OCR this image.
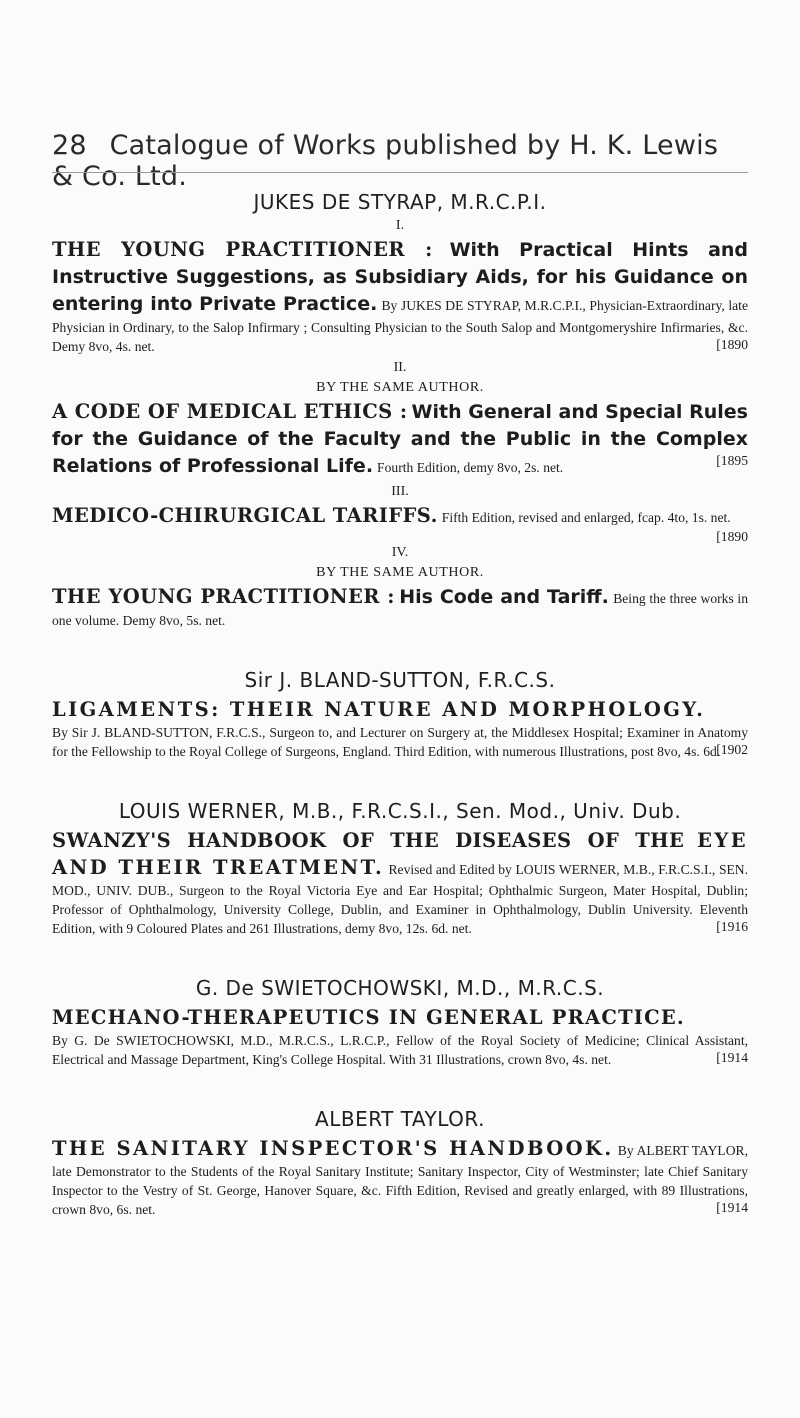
28 Catalogue of Works published by H. K. Lewis & Co. Ltd.
JUKES DE STYRAP, M.R.C.P.I.
I.

THE YOUNG PRACTITIONER : With Practical Hints and Instructive Suggestions, as Subsidiary Aids, for his Guidance on entering into Private Practice. By JUKES DE STYRAP, M.R.C.P.I., Physician-Extraordinary, late Physician in Ordinary, to the Salop Infirmary ; Consulting Physician to the South Salop and Montgomeryshire Infirmaries, &c. Demy 8vo, 4s. net.	[1890

II.
BY THE SAME AUTHOR.

A CODE OF MEDICAL ETHICS : With General and Special Rules for the Guidance of the Faculty and the Public in the Complex Relations of Professional Life. Fourth Edition, demy 8vo, 2s. net.	[1895

III.

MEDICO-CHIRURGICAL TARIFFS. Fifth Edition, revised and enlarged, fcap. 4to, 1s. net.
[1890

IV.
BY THE SAME AUTHOR.

THE YOUNG PRACTITIONER : His Code and Tariff. Being the three works in one volume. Demy 8vo, 5s. net.

Sir J. BLAND-SUTTON, F.R.C.S.

LIGAMENTS: THEIR NATURE AND MORPHOLOGY.
By Sir J. BLAND-SUTTON, F.R.C.S., Surgeon to, and Lecturer on Surgery at, the Middlesex Hospital; Examiner in Anatomy for the Fellowship to the Royal College of Surgeons, England. Third Edition, with numerous Illustrations, post 8vo, 4s. 6d.
[1902

LOUIS WERNER, M.B., F.R.C.S.I., Sen. Mod., Univ. Dub.

SWANZY'S HANDBOOK OF THE DISEASES OF THE EYE AND THEIR TREATMENT. Revised and Edited by LOUIS WERNER, M.B., F.R.C.S.I., SEN. MOD., UNIV. DUB., Surgeon to the Royal Victoria Eye and Ear Hospital; Ophthalmic Surgeon, Mater Hospital, Dublin; Professor of Ophthalmology, University College, Dublin, and Examiner in Ophthalmology, Dublin University. Eleventh Edition, with 9 Coloured Plates and 261 Illustrations, demy 8vo, 12s. 6d. net.	[1916

G. De SWIETOCHOWSKI, M.D., M.R.C.S.

MECHANO-THERAPEUTICS IN GENERAL PRACTICE.
By G. De SWIETOCHOWSKI, M.D., M.R.C.S., L.R.C.P., Fellow of the Royal Society of Medicine; Clinical Assistant, Electrical and Massage Department, King's College Hospital. With 31 Illustrations, crown 8vo, 4s. net.	[1914

ALBERT TAYLOR.

THE SANITARY INSPECTOR'S HANDBOOK. By ALBERT TAYLOR, late Demonstrator to the Students of the Royal Sanitary Institute; Sanitary Inspector, City of Westminster; late Chief Sanitary Inspector to the Vestry of St. George, Hanover Square, &c. Fifth Edition, Revised and greatly enlarged, with 89 Illustrations, crown 8vo, 6s. net.	[1914
